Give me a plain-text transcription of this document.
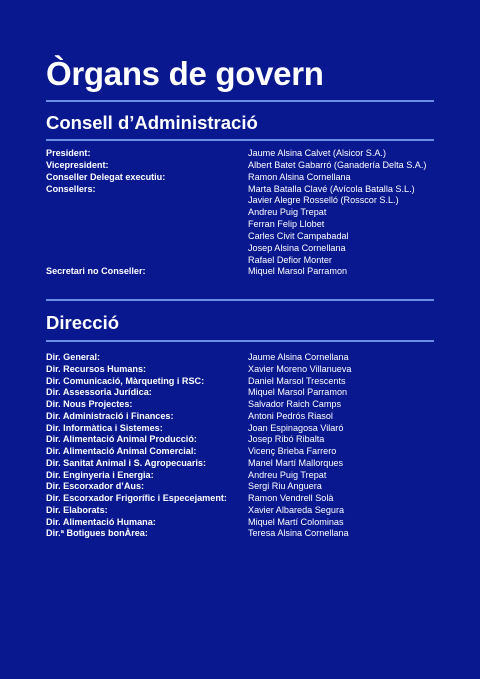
Òrgans de govern
Consell d’Administració
President:	Jaume Alsina Calvet (Alsicor S.A.)
Vicepresident:	Albert Batet Gabarró (Ganadería Delta S.A.)
Conseller Delegat executiu:	Ramon Alsina Cornellana
Consellers:	Marta Batalla Clavé (Avícola Batalla S.L.)
Javier Alegre Rosselló (Rosscor S.L.)
Andreu Puig Trepat
Ferran Felip Llobet
Carles Civit Campabadal
Josep Alsina Cornellana
Rafael Defior Monter
Secretari no Conseller:	Miquel Marsol Parramon
Direcció
Dir. General:	Jaume Alsina Cornellana
Dir. Recursos Humans:	Xavier Moreno Villanueva
Dir. Comunicació, Màrqueting i RSC:	Daniel Marsol Trescents
Dir. Assessoria Jurídica:	Miquel Marsol Parramon
Dir. Nous Projectes:	Salvador Raich Camps
Dir. Administració i Finances:	Antoni Pedrós Riasol
Dir. Informàtica i Sistemes:	Joan Espinagosa Vilaró
Dir. Alimentació Animal Producció:	Josep Ribó Ribalta
Dir. Alimentació Animal Comercial:	Vicenç Brieba Farrero
Dir. Sanitat Animal i S. Agropecuaris:	Manel Martí Mallorques
Dir. Enginyeria i Energia:	Andreu Puig Trepat
Dir. Escorxador d’Aus:	Sergi Riu Anguera
Dir. Escorxador Frigorífic i Especejament: Ramon Vendrell Solà
Dir. Elaborats:	Xavier Albareda Segura
Dir. Alimentació Humana:	Miquel Martí Colominas
Dir.ª Botigues bonÀrea:	Teresa Alsina Cornellana
